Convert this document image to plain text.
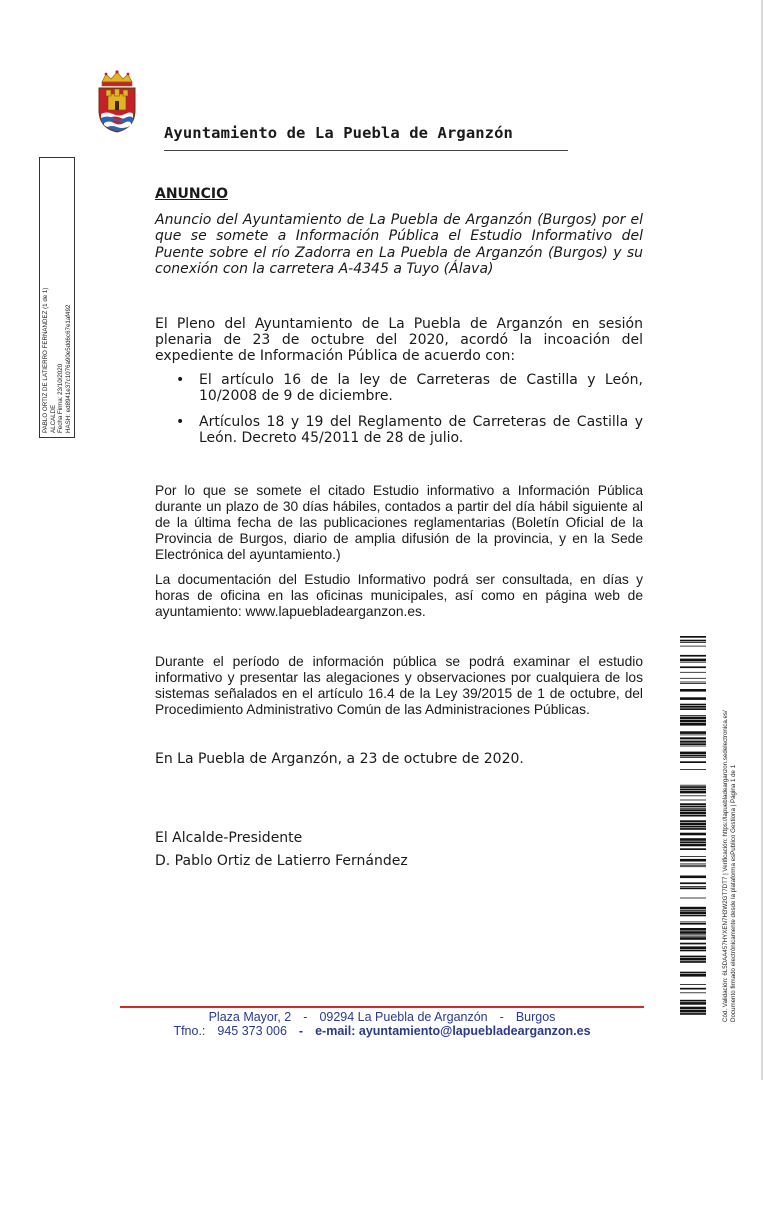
Ayuntamiento de La Puebla de Arganzón
PABLO ORTIZ DE LATIERRO FERNANDEZ (1 de 1) ALCALDE Fecha Firma: 23/10/2020 HASH: ed8941e37c1076a90e5dd6c67e1af492
ANUNCIO
Anuncio del Ayuntamiento de La Puebla de Arganzón (Burgos) por el que se somete a Información Pública el Estudio Informativo del Puente sobre el río Zadorra en La Puebla de Arganzón (Burgos) y su conexión con la carretera A-4345 a Tuyo (Álava)
El Pleno del Ayuntamiento de La Puebla de Arganzón en sesión plenaria de 23 de octubre del 2020, acordó la incoación del expediente de Información Pública de acuerdo con:
• El artículo 16 de la ley de Carreteras de Castilla y León, 10/2008 de 9 de diciembre.
• Artículos 18 y 19 del Reglamento de Carreteras de Castilla y León. Decreto 45/2011 de 28 de julio.
Por lo que se somete el citado Estudio informativo a Información Pública durante un plazo de 30 días hábiles, contados a partir del día hábil siguiente al de la última fecha de las publicaciones reglamentarias (Boletín Oficial de la Provincia de Burgos, diario de amplia difusión de la provincia, y en la Sede Electrónica del ayuntamiento.)
La documentación del Estudio Informativo podrá ser consultada, en días y horas de oficina en las oficinas municipales, así como en página web de ayuntamiento: www.lapuebladearganzon.es.
Durante el período de información pública se podrá examinar el estudio informativo y presentar las alegaciones y observaciones por cualquiera de los sistemas señalados en el artículo 16.4 de la Ley 39/2015 de 1 de octubre, del Procedimiento Administrativo Común de las Administraciones Públicas.
En La Puebla de Arganzón, a 23 de octubre de 2020.
El Alcalde-Presidente
D. Pablo Ortiz de Latierro Fernández
Plaza Mayor, 2 - 09294 La Puebla de Arganzón - Burgos
Tfno.: 945 373 006 - e-mail: ayuntamiento@lapuebladearganzon.es
Cód. Validación: 6L5DAA457HYXEN7H3W2GT7DT7 | Verificación: https://lapuebladearganzon.sedelectronica.es/ Documento firmado electrónicamente desde la plataforma esPublico Gestiona | Página 1 de 1
